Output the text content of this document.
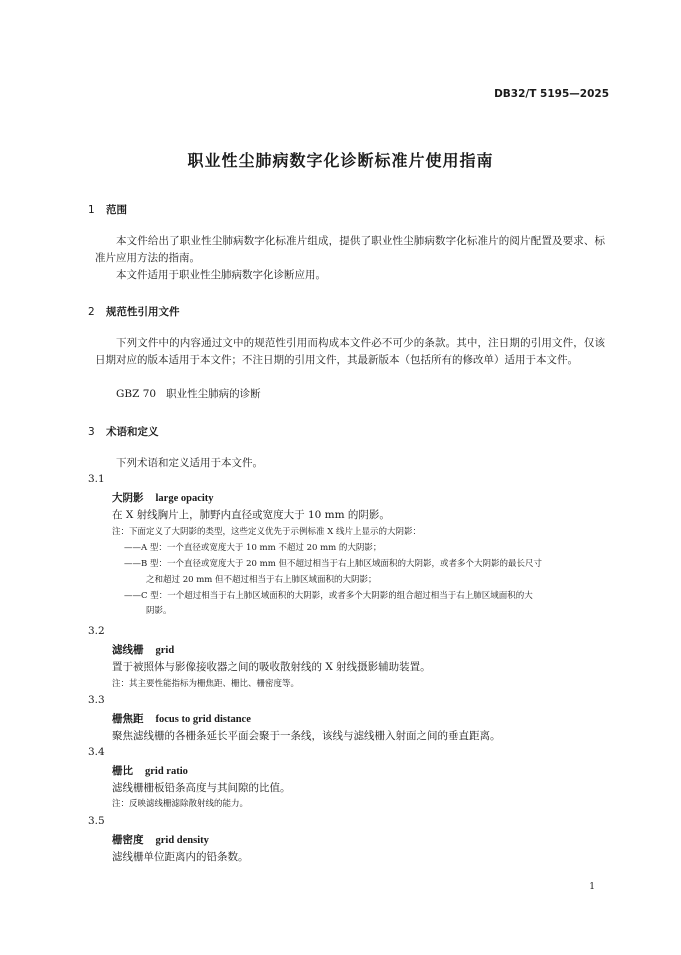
DB32/T 5195—2025
职业性尘肺病数字化诊断标准片使用指南
1 范围
本文件给出了职业性尘肺病数字化标准片组成，提供了职业性尘肺病数字化标准片的阅片配置及要求、标准片应用方法的指南。
本文件适用于职业性尘肺病数字化诊断应用。
2 规范性引用文件
下列文件中的内容通过文中的规范性引用而构成本文件必不可少的条款。其中，注日期的引用文件，仅该日期对应的版本适用于本文件；不注日期的引用文件，其最新版本（包括所有的修改单）适用于本文件。
GBZ 70 职业性尘肺病的诊断
3 术语和定义
下列术语和定义适用于本文件。
3.1
大阴影 large opacity
在 X 射线胸片上，肺野内直径或宽度大于 10 mm 的阴影。
注：下面定义了大阴影的类型，这些定义优先于示例标准 X 线片上显示的大阴影：
——A 型：一个直径或宽度大于 10 mm 不超过 20 mm 的大阴影；
——B 型：一个直径或宽度大于 20 mm 但不超过相当于右上肺区域面积的大阴影，或者多个大阴影的最长尺寸
之和超过 20 mm 但不超过相当于右上肺区域面积的大阴影；
——C 型：一个超过相当于右上肺区域面积的大阴影，或者多个大阴影的组合超过相当于右上肺区域面积的大
阴影。
3.2
滤线栅 grid
置于被照体与影像接收器之间的吸收散射线的 X 射线摄影辅助装置。
注：其主要性能指标为栅焦距、栅比、栅密度等。
3.3
栅焦距 focus to grid distance
聚焦滤线栅的各栅条延长平面会聚于一条线，该线与滤线栅入射面之间的垂直距离。
3.4
栅比 grid ratio
滤线栅栅板铅条高度与其间隙的比值。
注：反映滤线栅滤除散射线的能力。
3.5
栅密度 grid density
滤线栅单位距离内的铅条数。
1
